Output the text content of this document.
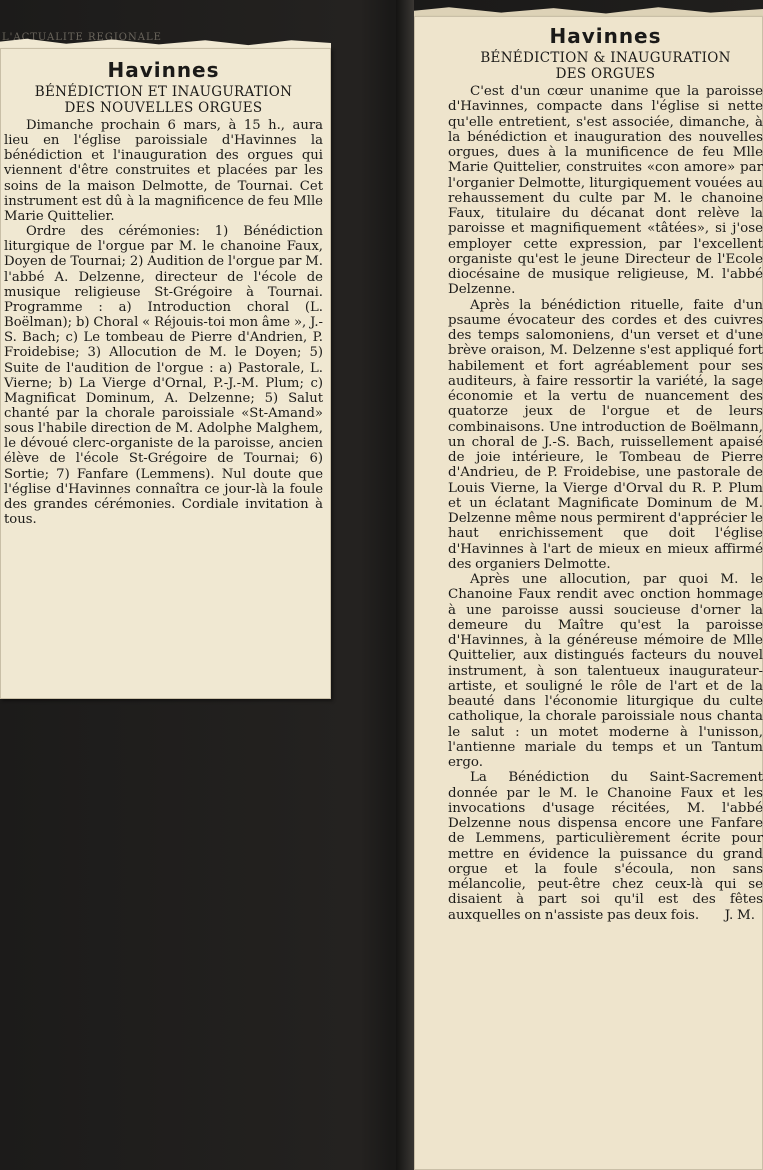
L'ACTUALITÉ RÉGIONALE
Havinnes
BÉNÉDICTION ET INAUGURATION
DES NOUVELLES ORGUES

Dimanche prochain 6 mars, à 15 h., aura lieu en l'église paroissiale d'Havinnes la bénédiction et l'inauguration des orgues qui viennent d'être construites et placées par les soins de la maison Delmotte, de Tournai. Cet instrument est dû à la magnificence de feu Mlle Marie Quittelier.

Ordre des cérémonies: 1) Bénédiction liturgique de l'orgue par M. le chanoine Faux, Doyen de Tournai; 2) Audition de l'orgue par M. l'abbé A. Delzenne, directeur de l'école de musique religieuse St-Grégoire à Tournai. Programme : a) Introduction choral (L. Boëlman); b) Choral « Réjouis-toi mon âme », J.-S. Bach; c) Le tombeau de Pierre d'Andrien, P. Froidebise; 3) Allocution de M. le Doyen; 5) Suite de l'audition de l'orgue : a) Pastorale, L. Vierne; b) La Vierge d'Ornal, P.-J.-M. Plum; c) Magnificat Dominum, A. Delzenne; 5) Salut chanté par la chorale paroissiale «St-Amand» sous l'habile direction de M. Adolphe Malghem, le dévoué clerc-organiste de la paroisse, ancien élève de l'école St-Grégoire de Tournai; 6) Sortie; 7) Fanfare (Lemmens). Nul doute que l'église d'Havinnes connaîtra ce jour-là la foule des grandes cérémonies. Cordiale invitation à tous.

Havinnes
BÉNÉDICTION & INAUGURATION
DES ORGUES

C'est d'un cœur unanime que la paroisse d'Havinnes, compacte dans l'église si nette qu'elle entretient, s'est associée, dimanche, à la bénédiction et inauguration des nouvelles orgues, dues à la munificence de feu Mlle Marie Quittelier, construites «con amore» par l'organier Delmotte, liturgiquement vouées au rehaussement du culte par M. le chanoine Faux, titulaire du décanat dont relève la paroisse et magnifiquement «tâtées», si j'ose employer cette expression, par l'excellent organiste qu'est le jeune Directeur de l'Ecole diocésaine de musique religieuse, M. l'abbé Delzenne.

Après la bénédiction rituelle, faite d'un psaume évocateur des cordes et des cuivres des temps salomoniens, d'un verset et d'une brève oraison, M. Delzenne s'est appliqué fort habilement et fort agréablement pour ses auditeurs, à faire ressortir la variété, la sage économie et la vertu de nuancement des quatorze jeux de l'orgue et de leurs combinaisons. Une introduction de Boëlmann, un choral de J.-S. Bach, ruissellement apaisé de joie intérieure, le Tombeau de Pierre d'Andrieu, de P. Froidebise, une pastorale de Louis Vierne, la Vierge d'Orval du R. P. Plum et un éclatant Magnificate Dominum de M. Delzenne même nous permirent d'apprécier le haut enrichissement que doit l'église d'Havinnes à l'art de mieux en mieux affirmé des organiers Delmotte.

Après une allocution, par quoi M. le Chanoine Faux rendit avec onction hommage à une paroisse aussi soucieuse d'orner la demeure du Maître qu'est la paroisse d'Havinnes, à la généreuse mémoire de Mlle Quittelier, aux distingués facteurs du nouvel instrument, à son talentueux inaugurateur-artiste, et souligné le rôle de l'art et de la beauté dans l'économie liturgique du culte catholique, la chorale paroissiale nous chanta le salut : un motet moderne à l'unisson, l'antienne mariale du temps et un Tantum ergo.

La Bénédiction du Saint-Sacrement donnée par le M. le Chanoine Faux et les invocations d'usage récitées, M. l'abbé Delzenne nous dispensa encore une Fanfare de Lemmens, particulièrement écrite pour mettre en évidence la puissance du grand orgue et la foule s'écoula, non sans mélancolie, peut-être chez ceux-là qui se disaient à part soi qu'il est des fêtes auxquelles on n'assiste pas deux fois.	J. M.
